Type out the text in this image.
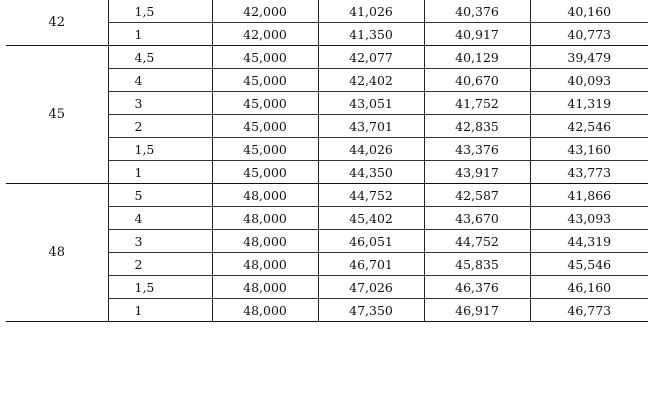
42	1,5	42,000	41,026	40,376	40,160
	1	42,000	41,350	40,917	40,773
45	4,5	45,000	42,077	40,129	39,479
	4	45,000	42,402	40,670	40,093
	3	45,000	43,051	41,752	41,319
	2	45,000	43,701	42,835	42,546
	1,5	45,000	44,026	43,376	43,160
	1	45,000	44,350	43,917	43,773
48	5	48,000	44,752	42,587	41,866
	4	48,000	45,402	43,670	43,093
	3	48,000	46,051	44,752	44,319
	2	48,000	46,701	45,835	45,546
	1,5	48,000	47,026	46,376	46,160
	1	48,000	47,350	46,917	46,773
